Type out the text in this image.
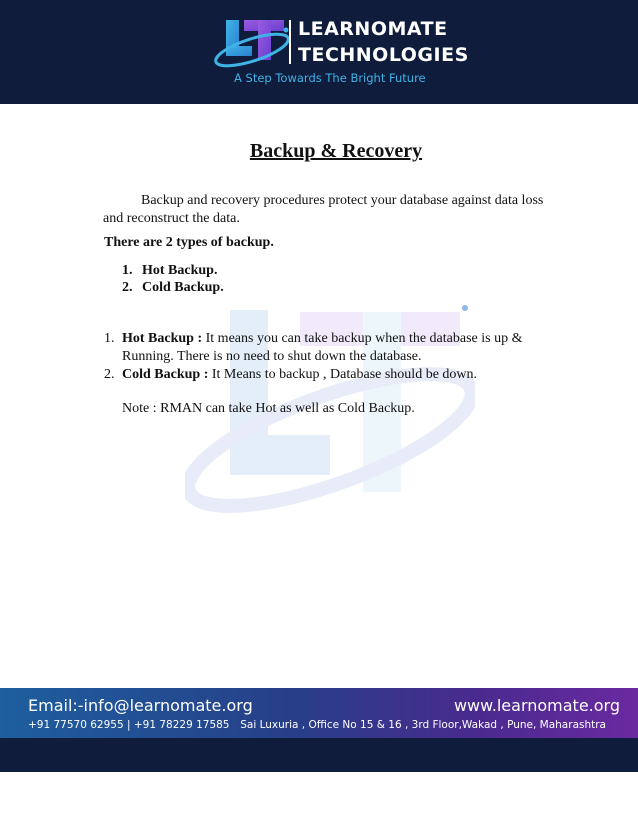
LEARNOMATE
TECHNOLOGIES
A Step Towards The Bright Future
Backup & Recovery

Backup and recovery procedures protect your database against data loss and reconstruct the data.

There are 2 types of backup.

1. Hot Backup.
2. Cold Backup.
1. Hot Backup : It means you can take backup when the database is up & Running. There is no need to shut down the database.
2. Cold Backup : It Means to backup , Database should be down.

Note : RMAN can take Hot as well as Cold Backup.

Email:-info@learnomate.org	www.learnomate.org
+91 77570 62955 | +91 78229 17585 Sai Luxuria , Office No 15 & 16 , 3rd Floor,Wakad , Pune, Maharashtra
